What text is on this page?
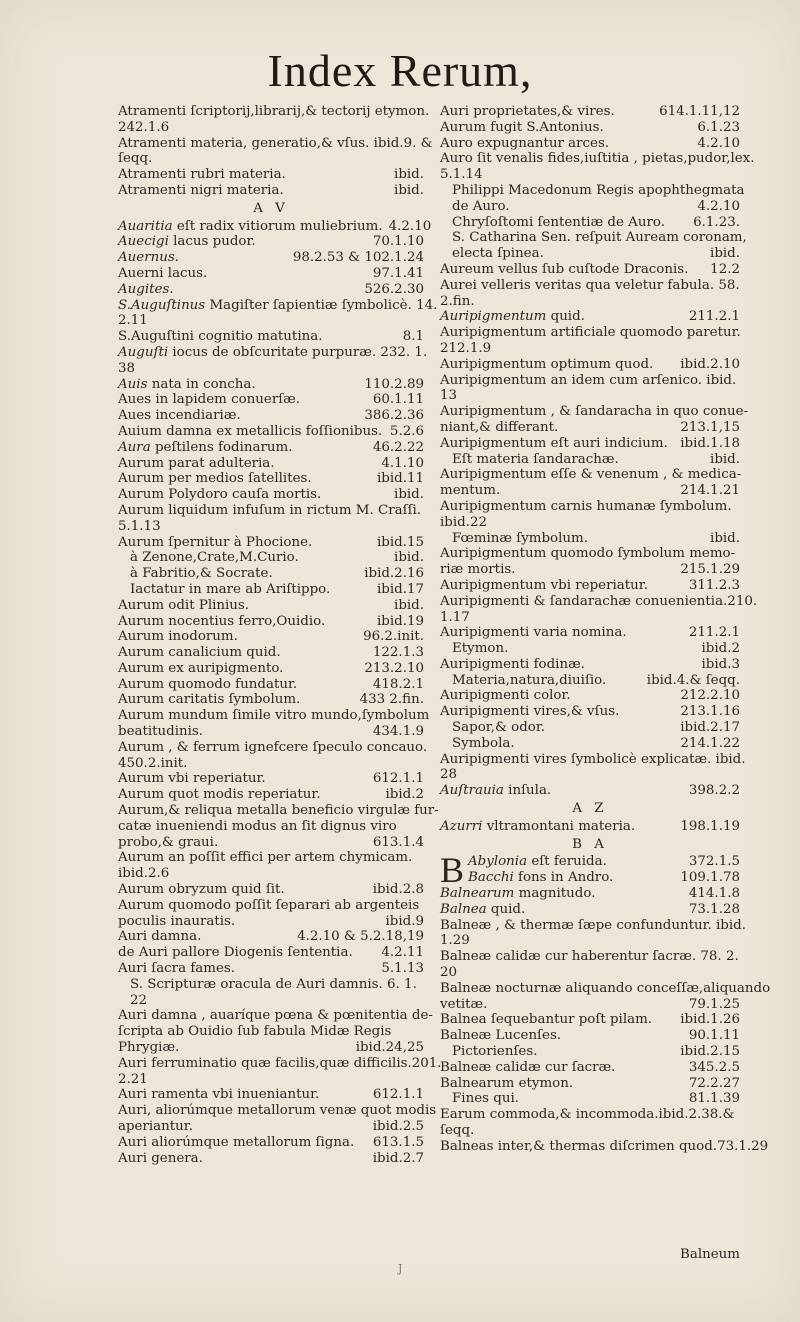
Index Rerum,
Atramenti ſcriptorij,librarij,& tectorij etymon.
242.1.6
Atramenti materia, generatio,& vſus. ibid.9. &
ſeqq.
Atramenti rubri materia.	ibid.
Atramenti nigri materia.	ibid.
A V
Auaritia eſt radix vitiorum muliebrium. 4.2.10
Auecigi lacus pudor.	70.1.10
Auernus.	98.2.53 & 102.1.24
Auerni lacus.	97.1.41
Augites.	526.2.30
S.Auguſtinus Magiſter ſapientiæ ſymbolicè. 14.
2.11
S.Auguſtini cognitio matutina.	8.1
Auguſti iocus de obſcuritate purpuræ. 232. 1.
38
Auis nata in concha.	110.2.89
Aues in lapidem conuerſæ.	60.1.11
Aues incendiariæ.	386.2.36
Auium damna ex metallicis foſſionibus. 5.2.6
Aura peſtilens fodinarum.	46.2.22
Aurum parat adulteria.	4.1.10
Aurum per medios ſatellites.	ibid.11
Aurum Polydoro cauſa mortis.	ibid.
Aurum liquidum infuſum in rictum M. Craſſi.
5.1.13
Aurum ſpernitur à Phocione.	ibid.15
à Zenone,Crate,M.Curio.	ibid.
à Fabritio,& Socrate.	ibid.2.16
Iactatur in mare ab Ariſtippo.	ibid.17
Aurum odit Plinius.	ibid.
Aurum nocentius ferro,Ouidio.	ibid.19
Aurum inodorum.	96.2.init.
Aurum canalicium quid.	122.1.3
Aurum ex auripigmento.	213.2.10
Aurum quomodo fundatur.	418.2.1
Aurum caritatis ſymbolum.	433 2.fin.
Aurum mundum ſimile vitro mundo,ſymbolum
beatitudinis.	434.1.9
Aurum , & ferrum ignefcere ſpeculo concauo.
450.2.init.
Aurum vbi reperiatur.	612.1.1
Aurum quot modis reperiatur.	ibid.2
Aurum,& reliqua metalla beneficio virgulæ fur-
catæ inueniendi modus an ſit dignus viro
probo,& graui.	613.1.4
Aurum an poſſit effici per artem chymicam.
ibid.2.6
Aurum obryzum quid ſit.	ibid.2.8
Aurum quomodo poſſit ſeparari ab argenteis
poculis inauratis.	ibid.9
Auri damna.	4.2.10 & 5.2.18,19
de Auri pallore Diogenis ſententia.	4.2.11
Auri ſacra fames.	5.1.13
S. Scripturæ oracula de Auri damnis. 6. 1.
22
Auri damna , auaríque pœna & pœnitentia de-
ſcripta ab Ouidio ſub fabula Midæ Regis
Phrygiæ.	ibid.24,25
Auri ferruminatio quæ facilis,quæ difficilis.201.
2.21
Auri ramenta vbi inueniantur.	612.1.1
Auri, aliorúmque metallorum venæ quot modis
aperiantur.	ibid.2.5
Auri aliorúmque metallorum ſigna.	613.1.5
Auri genera.	ibid.2.7
Auri proprietates,& vires.	614.1.11,12
Aurum fugit S.Antonius.	6.1.23
Auro expugnantur arces.	4.2.10
Auro ſit venalis fides,iuſtitia , pietas,pudor,lex.
5.1.14
Philippi Macedonum Regis apophthegmata
de Auro.	4.2.10
Chryſoſtomi ſententiæ de Auro.	6.1.23.
S. Catharina Sen. reſpuit Auream coronam,
electa ſpinea.	ibid.
Aureum vellus ſub cuſtode Draconis.	12.2
Aurei velleris veritas qua veletur fabula. 58.
2.fin.
Auripigmentum quid.	211.2.1
Auripigmentum artificiale quomodo paretur.
212.1.9
Auripigmentum optimum quod.	ibid.2.10
Auripigmentum an idem cum arſenico. ibid.
13
Auripigmentum , & ſandaracha in quo conue-
niant,& differant.	213.1,15
Auripigmentum eſt auri indicium. ibid.1.18
Eſt materia ſandarachæ.	ibid.
Auripigmentum eſſe & venenum , & medica-
mentum.	214.1.21
Auripigmentum carnis humanæ ſymbolum.
ibid.22
Fœminæ ſymbolum.	ibid.
Auripigmentum quomodo ſymbolum memo-
riæ mortis.	215.1.29
Auripigmentum vbi reperiatur.	311.2.3
Auripigmenti & ſandarachæ conuenientia.210.
1.17
Auripigmenti varia nomina.	211.2.1
Etymon.	ibid.2
Auripigmenti fodinæ.	ibid.3
Materia,natura,diuiſio.	ibid.4.& ſeqq.
Auripigmenti color.	212.2.10
Auripigmenti vires,& vſus.	213.1.16
Sapor,& odor.	ibid.2.17
Symbola.	214.1.22
Auripigmenti vires ſymbolicè explicatæ. ibid.
28
Auſtrauia inſula.	398.2.2
A Z
Azurri vltramontani materia.	198.1.19
B A
B Abylonia eſt feruida.	372.1.5
Bacchi fons in Andro.	109.1.78
Balnearum magnitudo.	414.1.8
Balnea quid.	73.1.28
Balneæ , & thermæ ſæpe confunduntur. ibid.
1.29
Balneæ calidæ cur haberentur ſacræ. 78. 2.
20
Balneæ nocturnæ aliquando conceſſæ,aliquando
vetitæ.	79.1.25
Balnea ſequebantur poſt pilam.	ibid.1.26
Balneæ Lucenſes.	90.1.11
Pictorienſes.	ibid.2.15
Balneæ calidæ cur ſacræ.	345.2.5
Balnearum etymon.	72.2.27
Fines qui.	81.1.39
Earum commoda,& incommoda.ibid.2.38.&
ſeqq.
Balneas inter,& thermas diſcrimen quod.73.1.29
Balneum
J
